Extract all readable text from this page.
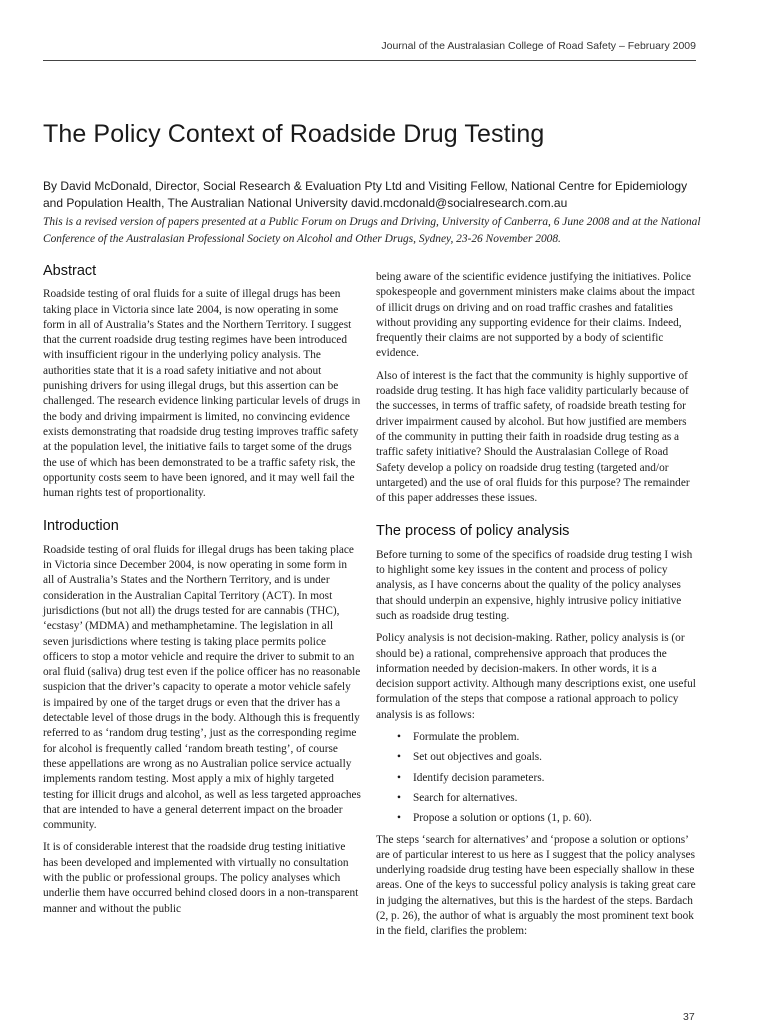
Journal of the Australasian College of Road Safety – February 2009
The Policy Context of Roadside Drug Testing

By David McDonald, Director, Social Research & Evaluation Pty Ltd and Visiting Fellow, National Centre for Epidemiology and Population Health, The Australian National University david.mcdonald@socialresearch.com.au

This is a revised version of papers presented at a Public Forum on Drugs and Driving, University of Canberra, 6 June 2008 and at the National Conference of the Australasian Professional Society on Alcohol and Other Drugs, Sydney, 23-26 November 2008.

Abstract

Roadside testing of oral fluids for a suite of illegal drugs has been taking place in Victoria since late 2004, is now operating in some form in all of Australia’s States and the Northern Territory. I suggest that the current roadside drug testing regimes have been introduced with insufficient rigour in the underlying policy analysis. The authorities state that it is a road safety initiative and not about punishing drivers for using illegal drugs, but this assertion can be challenged. The research evidence linking particular levels of drugs in the body and driving impairment is limited, no convincing evidence exists demonstrating that roadside drug testing improves traffic safety at the population level, the initiative fails to target some of the drugs the use of which has been demonstrated to be a traffic safety risk, the opportunity costs seem to have been ignored, and it may well fail the human rights test of proportionality.

Introduction

Roadside testing of oral fluids for illegal drugs has been taking place in Victoria since December 2004, is now operating in some form in all of Australia’s States and the Northern Territory, and is under consideration in the Australian Capital Territory (ACT). In most jurisdictions (but not all) the drugs tested for are cannabis (THC), ‘ecstasy’ (MDMA) and methamphetamine. The legislation in all seven jurisdictions where testing is taking place permits police officers to stop a motor vehicle and require the driver to submit to an oral fluid (saliva) drug test even if the police officer has no reasonable suspicion that the driver’s capacity to operate a motor vehicle safely is impaired by one of the target drugs or even that the driver has a detectable level of those drugs in the body. Although this is frequently referred to as ‘random drug testing’, just as the corresponding regime for alcohol is frequently called ‘random breath testing’, of course these appellations are wrong as no Australian police service actually implements random testing. Most apply a mix of highly targeted testing for illicit drugs and alcohol, as well as less targeted approaches that are intended to have a general deterrent impact on the broader community.

It is of considerable interest that the roadside drug testing initiative has been developed and implemented with virtually no consultation with the public or professional groups. The policy analyses which underlie them have occurred behind closed doors in a non-transparent manner and without the public

being aware of the scientific evidence justifying the initiatives. Police spokespeople and government ministers make claims about the impact of illicit drugs on driving and on road traffic crashes and fatalities without providing any supporting evidence for their claims. Indeed, frequently their claims are not supported by a body of scientific evidence.

Also of interest is the fact that the community is highly supportive of roadside drug testing. It has high face validity particularly because of the successes, in terms of traffic safety, of roadside breath testing for driver impairment caused by alcohol. But how justified are members of the community in putting their faith in roadside drug testing as a traffic safety initiative? Should the Australasian College of Road Safety develop a policy on roadside drug testing (targeted and/or untargeted) and the use of oral fluids for this purpose? The remainder of this paper addresses these issues.

The process of policy analysis

Before turning to some of the specifics of roadside drug testing I wish to highlight some key issues in the content and process of policy analysis, as I have concerns about the quality of the policy analyses that should underpin an expensive, highly intrusive policy initiative such as roadside drug testing.

Policy analysis is not decision-making. Rather, policy analysis is (or should be) a rational, comprehensive approach that produces the information needed by decision-makers. In other words, it is a decision support activity. Although many descriptions exist, one useful formulation of the steps that compose a rational approach to policy analysis is as follows:

• Formulate the problem.
• Set out objectives and goals.
• Identify decision parameters.
• Search for alternatives.
• Propose a solution or options (1, p. 60).

The steps ‘search for alternatives’ and ‘propose a solution or options’ are of particular interest to us here as I suggest that the policy analyses underlying roadside drug testing have been especially shallow in these areas. One of the keys to successful policy analysis is taking great care in judging the alternatives, but this is the hardest of the steps. Bardach (2, p. 26), the author of what is arguably the most prominent text book in the field, clarifies the problem:

37
